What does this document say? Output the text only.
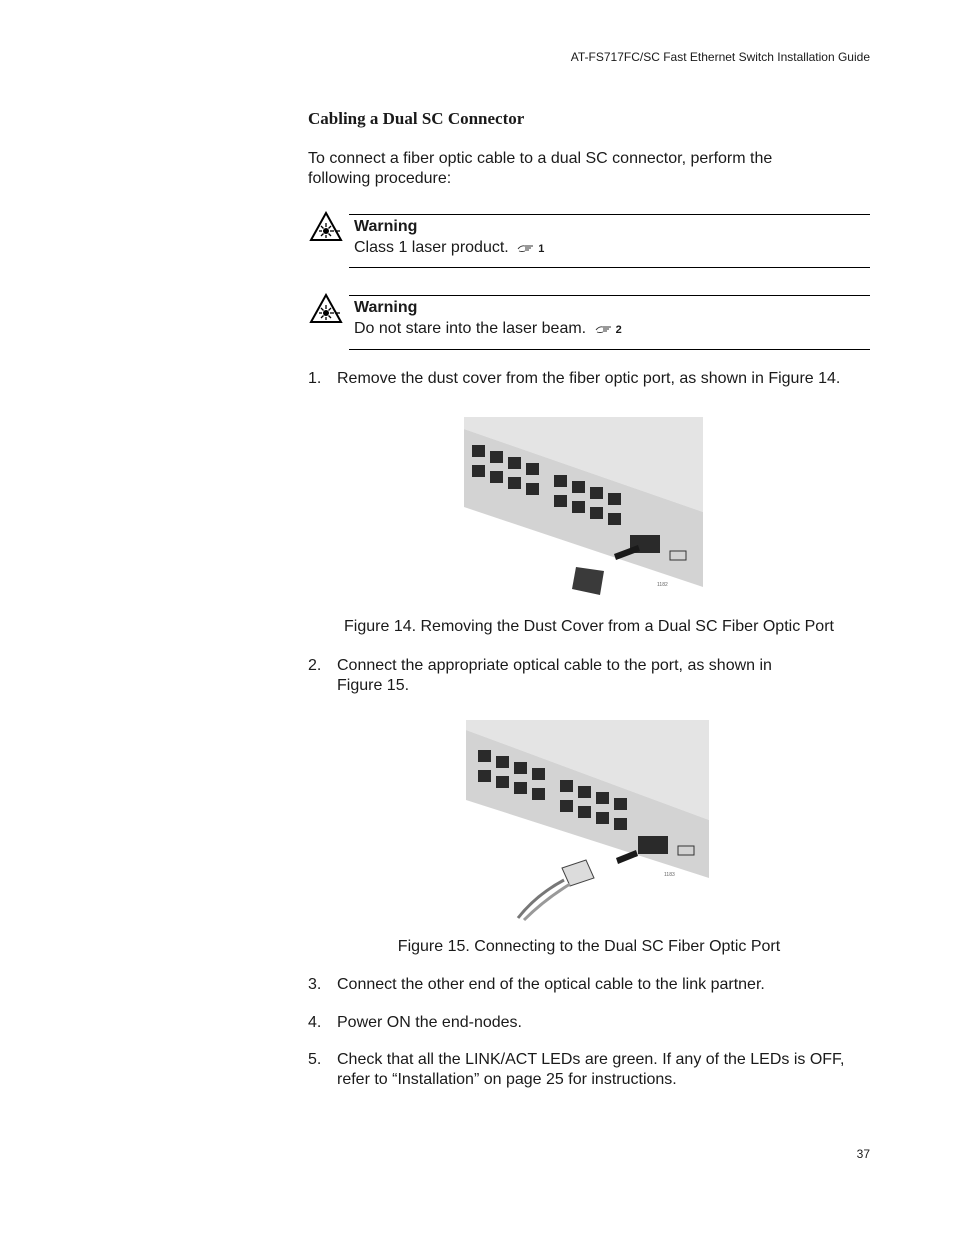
AT-FS717FC/SC Fast Ethernet Switch Installation Guide
Cabling a Dual SC Connector
To connect a fiber optic cable to a dual SC connector, perform the following procedure:
Warning
Class 1 laser product.	1
Warning
Do not stare into the laser beam.	2
1. Remove the dust cover from the fiber optic port, as shown in Figure 14.
1182
Figure 14. Removing the Dust Cover from a Dual SC Fiber Optic Port
2. Connect the appropriate optical cable to the port, as shown in Figure 15.
1183
Figure 15. Connecting to the Dual SC Fiber Optic Port
3. Connect the other end of the optical cable to the link partner.
4. Power ON the end-nodes.
5. Check that all the LINK/ACT LEDs are green. If any of the LEDs is OFF, refer to “Installation” on page 25 for instructions.
37
